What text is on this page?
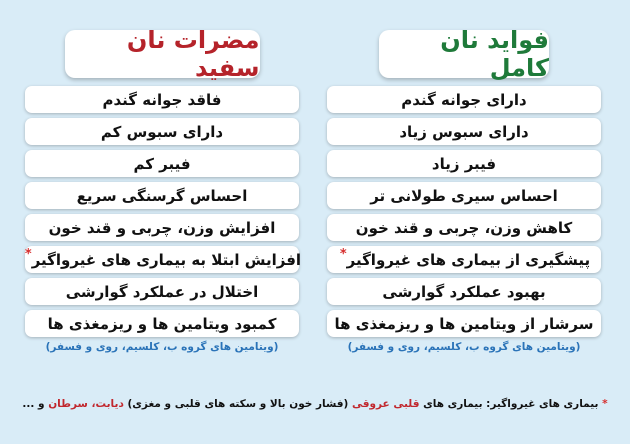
فواید نان کامل
دارای جوانه گندم
دارای سبوس زیاد
فیبر زیاد
احساس سیری طولانی تر
کاهش وزن، چربی و قند خون
پیشگیری از بیماری های غیرواگیر
*
بهبود عملکرد گوارشی
سرشار از ویتامین ها و ریزمغذی ها
(ویتامین های گروه ب، کلسیم، روی و فسفر)
مضرات نان سفید
فاقد جوانه گندم
دارای سبوس کم
فیبر کم
احساس گرسنگی سریع
افزایش وزن، چربی و قند خون
افزایش ابتلا به بیماری های غیرواگیر
*
اختلال در عملکرد گوارشی
کمبود ویتامین ها و ریزمغذی ها
(ویتامین های گروه ب، کلسیم، روی و فسفر)
* بیماری های غیرواگیر: بیماری های قلبی عروقی (فشار خون بالا و سکته های قلبی و مغزی) دیابت، سرطان و ...
